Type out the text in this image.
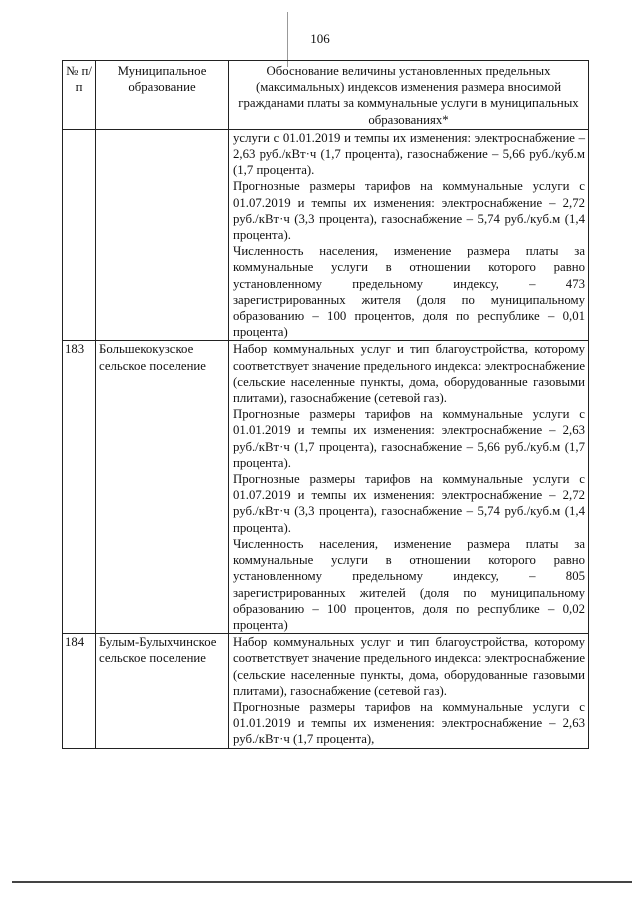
106
№ п/п	Муниципальное образование	Обоснование величины установленных предельных (максимальных) индексов изменения размера вносимой гражданами платы за коммунальные услуги в муниципальных образованиях*

		услуги с 01.01.2019 и темпы их изменения: электроснабжение – 2,63 руб./кВт·ч (1,7 процента), газоснабжение – 5,66 руб./куб.м (1,7 процента).
Прогнозные размеры тарифов на коммунальные услуги с 01.07.2019 и темпы их изменения: электроснабжение – 2,72 руб./кВт·ч (3,3 процента), газоснабжение – 5,74 руб./куб.м (1,4 процента).
Численность населения, изменение размера платы за коммунальные услуги в отношении которого равно установленному предельному индексу, – 473 зарегистрированных жителя (доля по муниципальному образованию – 100 процентов, доля по республике – 0,01 процента)

183	Большекокузское сельское поселение	Набор коммунальных услуг и тип благоустройства, которому соответствует значение предельного индекса: электроснабжение (сельские населенные пункты, дома, оборудованные газовыми плитами), газоснабжение (сетевой газ).
Прогнозные размеры тарифов на коммунальные услуги с 01.01.2019 и темпы их изменения: электроснабжение – 2,63 руб./кВт·ч (1,7 процента), газоснабжение – 5,66 руб./куб.м (1,7 процента).
Прогнозные размеры тарифов на коммунальные услуги с 01.07.2019 и темпы их изменения: электроснабжение – 2,72 руб./кВт·ч (3,3 процента), газоснабжение – 5,74 руб./куб.м (1,4 процента).
Численность населения, изменение размера платы за коммунальные услуги в отношении которого равно установленному предельному индексу, – 805 зарегистрированных жителей (доля по муниципальному образованию – 100 процентов, доля по республике – 0,02 процента)

184	Булым-Булыхчинское сельское поселение	Набор коммунальных услуг и тип благоустройства, которому соответствует значение предельного индекса: электроснабжение (сельские населенные пункты, дома, оборудованные газовыми плитами), газоснабжение (сетевой газ).
Прогнозные размеры тарифов на коммунальные услуги с 01.01.2019 и темпы их изменения: электроснабжение – 2,63 руб./кВт·ч (1,7 процента),
